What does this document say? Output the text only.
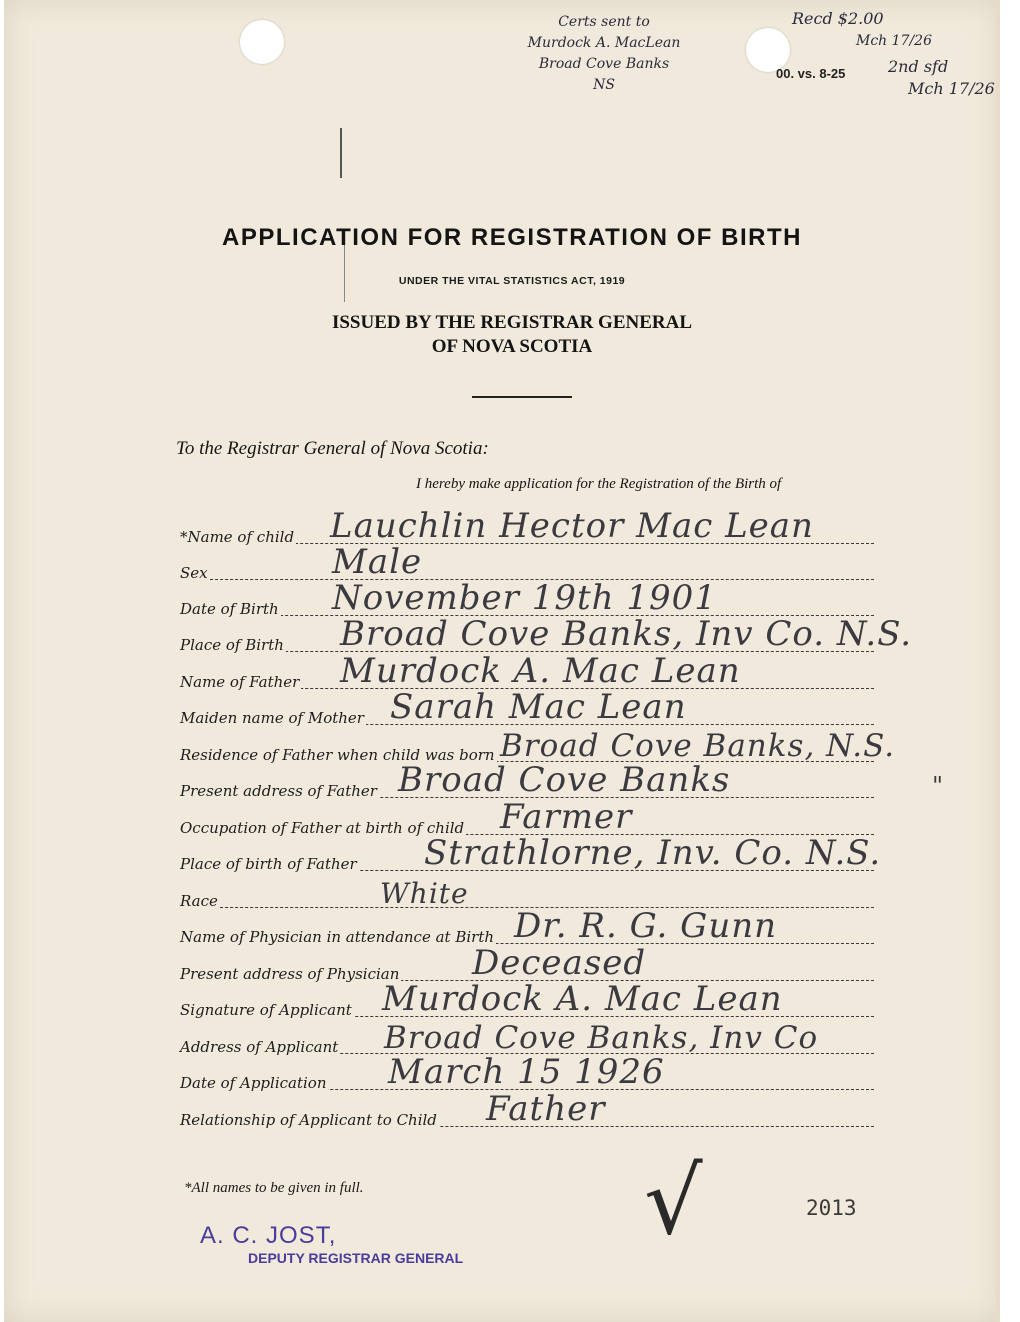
Certs sent to
Murdock A. MacLean
Broad Cove Banks
NS
Recd $2.00
Mch 17/26
2nd sfd
Mch 17/26
00. vs. 8-25
APPLICATION FOR REGISTRATION OF BIRTH
UNDER THE VITAL STATISTICS ACT, 1919
ISSUED BY THE REGISTRAR GENERAL
OF NOVA SCOTIA
To the Registrar General of Nova Scotia:
I hereby make application for the Registration of the Birth of
*Name of child Lauchlin Hector Mac Lean
Sex	Male
Date of Birth November 19th 1901
Place of Birth Broad Cove Banks, Inv Co. N.S.
Name of Father Murdock A. Mac Lean
Maiden name of Mother Sarah Mac Lean
Residence of Father when child was born Broad Cove Banks, N.S.
Present address of Father Broad Cove Banks	"
Occupation of Father at birth of child Farmer
Place of birth of Father Strathlorne, Inv. Co. N.S.
Race	White
Name of Physician in attendance at Birth Dr. R. G. Gunn
Present address of Physician Deceased
Signature of Applicant Murdock A. Mac Lean
Address of Applicant Broad Cove Banks, Inv Co
Date of Application March 15 1926
Relationship of Applicant to Child Father
*All names to be given in full.	√	2013
A. C. JOST,
DEPUTY REGISTRAR GENERAL
